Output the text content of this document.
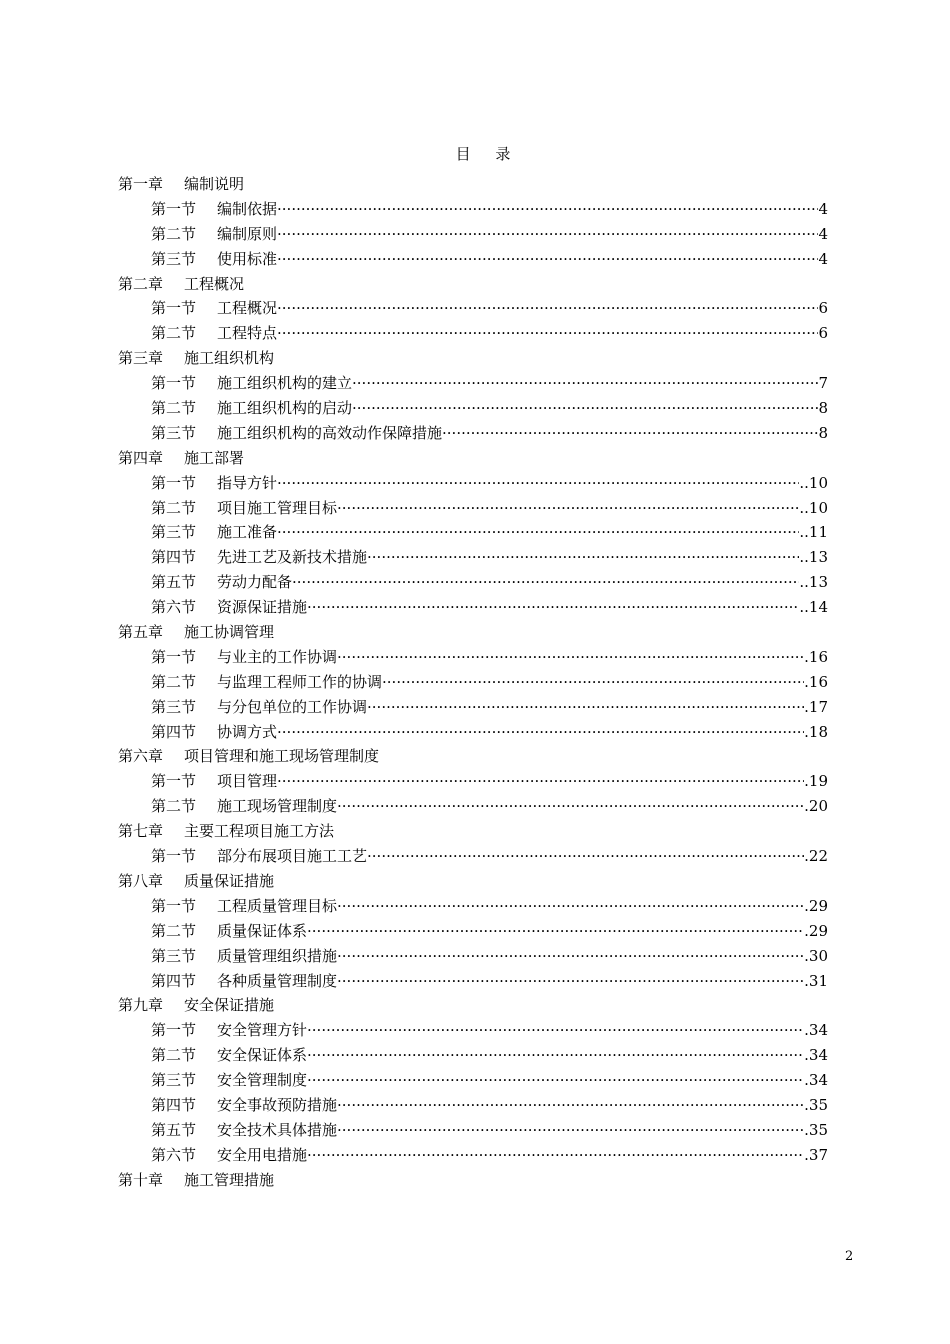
目 录
第一章	编制说明
第一节	编制依据 ·····	4
第二节	编制原则 ·····	4
第三节	使用标准 ·····	4
第二章	工程概况
第一节	工程概况 ·····	6
第二节	工程特点 ·····	6
第三章	施工组织机构
第一节	施工组织机构的建立 ·····	7
第二节	施工组织机构的启动 ·····	8
第三节	施工组织机构的高效动作保障措施 ·····	8
第四章	施工部署
第一节	指导方针 ·····	..10
第二节	项目施工管理目标 ·····	..10
第三节	施工准备 ·····	..11
第四节	先进工艺及新技术措施 ·····	..13
第五节	劳动力配备 ·····	..13
第六节	资源保证措施 ·····	..14
第五章	施工协调管理
第一节	与业主的工作协调 ·····	.16
第二节	与监理工程师工作的协调 ·····	.16
第三节	与分包单位的工作协调 ·····	.17
第四节	协调方式 ·····	.18
第六章	项目管理和施工现场管理制度
第一节	项目管理 ·····	.19
第二节	施工现场管理制度 ·····	.20
第七章	主要工程项目施工方法
第一节	部分布展项目施工工艺 ·····	.22
第八章	质量保证措施
第一节	工程质量管理目标 ·····	.29
第二节	质量保证体系 ·····	.29
第三节	质量管理组织措施 ·····	.30
第四节	各种质量管理制度 ·····	.31
第九章	安全保证措施
第一节	安全管理方针 ·····	.34
第二节	安全保证体系 ·····	.34
第三节	安全管理制度 ·····	.34
第四节	安全事故预防措施 ·····	.35
第五节	安全技术具体措施 ·····	.35
第六节	安全用电措施 ·····	.37
第十章	施工管理措施
2
